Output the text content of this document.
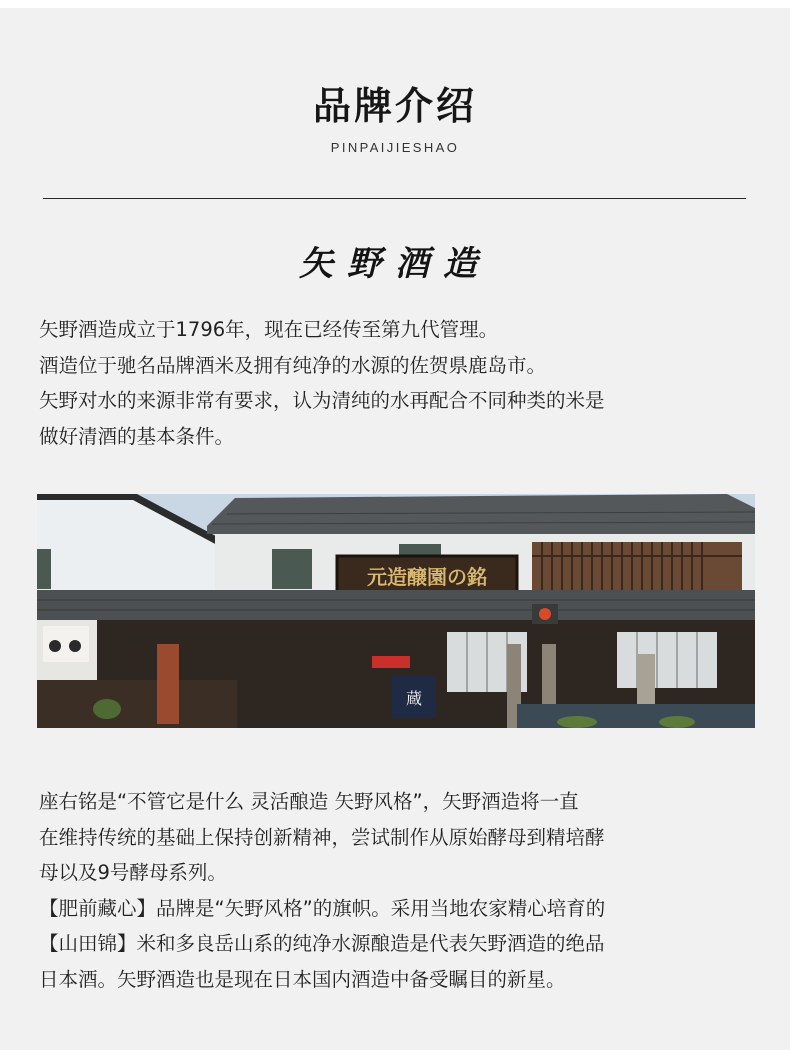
品牌介绍
PINPAIJIESHAO
矢野酒造
矢野酒造成立于1796年，现在已经传至第九代管理。
酒造位于驰名品牌酒米及拥有纯净的水源的佐贺県鹿岛市。
矢野对水的来源非常有要求，认为清纯的水再配合不同种类的米是
做好清酒的基本条件。
元造醸園の銘
蔵
座右铭是“不管它是什么 灵活酿造 矢野风格”，矢野酒造将一直
在维持传统的基础上保持创新精神，尝试制作从原始酵母到精培酵
母以及9号酵母系列。
【肥前藏心】品牌是“矢野风格”的旗帜。采用当地农家精心培育的
【山田锦】米和多良岳山系的纯净水源酿造是代表矢野酒造的绝品
日本酒。矢野酒造也是现在日本国内酒造中备受瞩目的新星。
